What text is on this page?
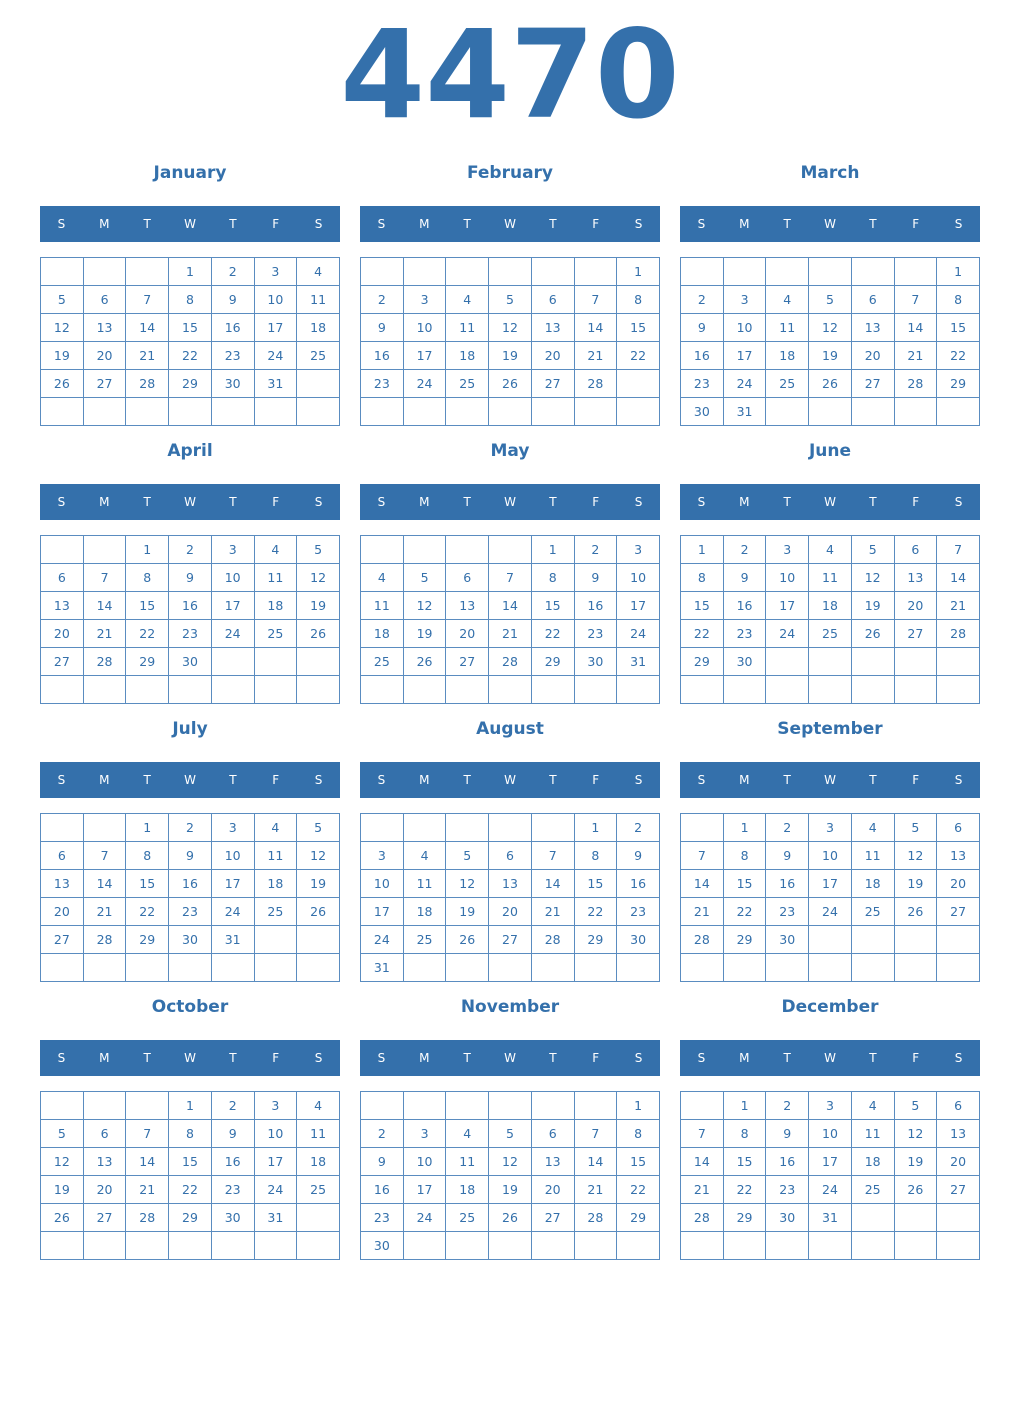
4470
January
S	M	T	W	T	F	S
			1	2	3	4
5	6	7	8	9	10	11
12	13	14	15	16	17	18
19	20	21	22	23	24	25
26	27	28	29	30	31	

February
S	M	T	W	T	F	S
						1
2	3	4	5	6	7	8
9	10	11	12	13	14	15
16	17	18	19	20	21	22
23	24	25	26	27	28	

March
S	M	T	W	T	F	S
						1
2	3	4	5	6	7	8
9	10	11	12	13	14	15
16	17	18	19	20	21	22
23	24	25	26	27	28	29
30	31					
April
S	M	T	W	T	F	S
		1	2	3	4	5
6	7	8	9	10	11	12
13	14	15	16	17	18	19
20	21	22	23	24	25	26
27	28	29	30			

May
S	M	T	W	T	F	S
				1	2	3
4	5	6	7	8	9	10
11	12	13	14	15	16	17
18	19	20	21	22	23	24
25	26	27	28	29	30	31

June
S	M	T	W	T	F	S
1	2	3	4	5	6	7
8	9	10	11	12	13	14
15	16	17	18	19	20	21
22	23	24	25	26	27	28
29	30					

July
S	M	T	W	T	F	S
		1	2	3	4	5
6	7	8	9	10	11	12
13	14	15	16	17	18	19
20	21	22	23	24	25	26
27	28	29	30	31		

August
S	M	T	W	T	F	S
					1	2
3	4	5	6	7	8	9
10	11	12	13	14	15	16
17	18	19	20	21	22	23
24	25	26	27	28	29	30
31						
September
S	M	T	W	T	F	S
	1	2	3	4	5	6
7	8	9	10	11	12	13
14	15	16	17	18	19	20
21	22	23	24	25	26	27
28	29	30				

October
S	M	T	W	T	F	S
			1	2	3	4
5	6	7	8	9	10	11
12	13	14	15	16	17	18
19	20	21	22	23	24	25
26	27	28	29	30	31	

November
S	M	T	W	T	F	S
						1
2	3	4	5	6	7	8
9	10	11	12	13	14	15
16	17	18	19	20	21	22
23	24	25	26	27	28	29
30						
December
S	M	T	W	T	F	S
	1	2	3	4	5	6
7	8	9	10	11	12	13
14	15	16	17	18	19	20
21	22	23	24	25	26	27
28	29	30	31			
